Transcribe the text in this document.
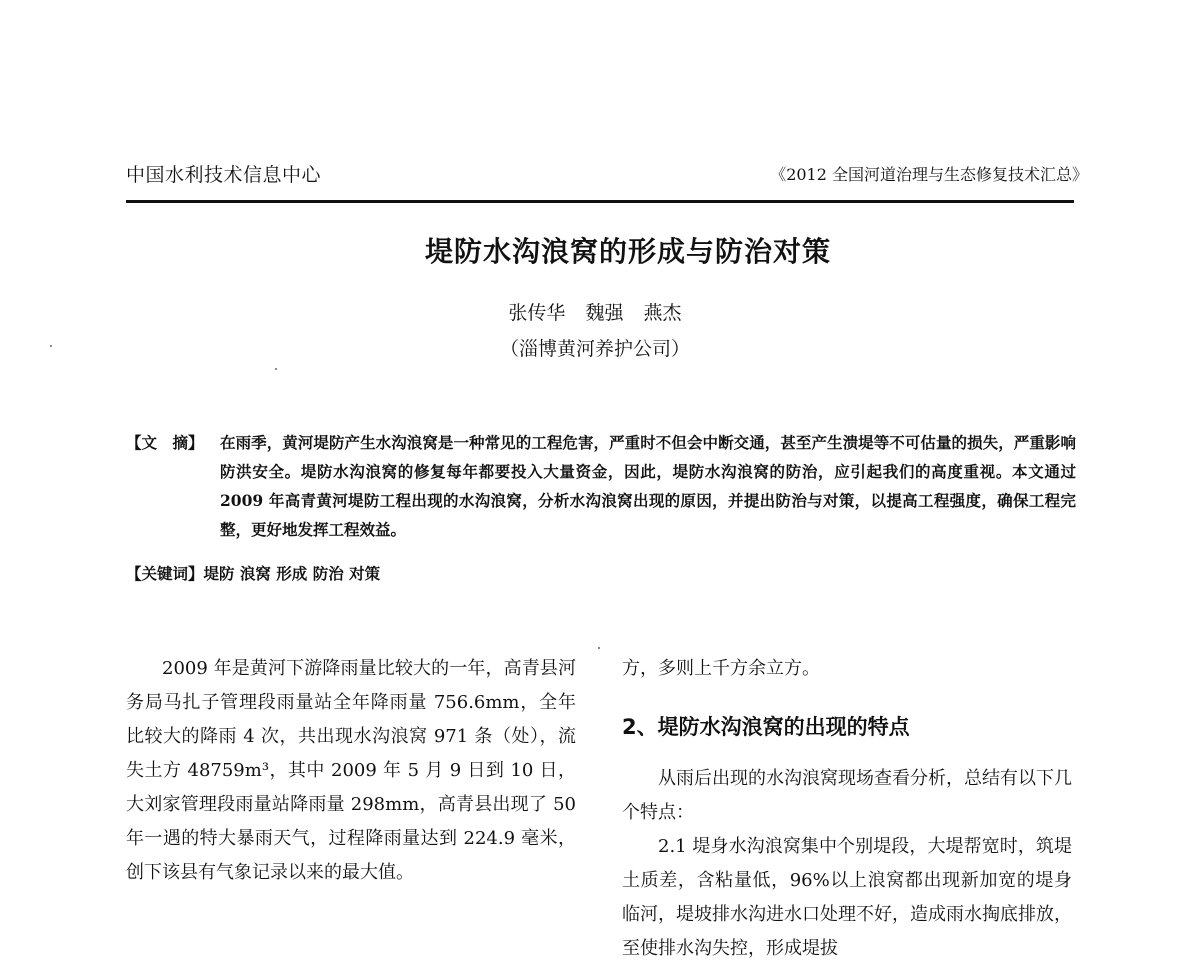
中国水利技术信息中心	《2012 全国河道治理与生态修复技术汇总》
堤防水沟浪窝的形成与防治对策
张传华 魏强 燕杰
（淄博黄河养护公司）
【文　摘】 在雨季，黄河堤防产生水沟浪窝是一种常见的工程危害，严重时不但会中断交通，甚至产生溃堤等不可估量的损失，严重影响防洪安全。堤防水沟浪窝的修复每年都要投入大量资金，因此，堤防水沟浪窝的防治，应引起我们的高度重视。本文通过 2009 年高青黄河堤防工程出现的水沟浪窝，分析水沟浪窝出现的原因，并提出防治与对策，以提高工程强度，确保工程完整，更好地发挥工程效益。
【关键词】堤防 浪窝 形成 防治 对策

2009 年是黄河下游降雨量比较大的一年，高青县河务局马扎子管理段雨量站全年降雨量 756.6mm，全年比较大的降雨 4 次，共出现水沟浪窝 971 条（处），流失土方 48759m³，其中 2009 年 5 月 9 日到 10 日，大刘家管理段雨量站降雨量 298mm，高青县出现了 50 年一遇的特大暴雨天气，过程降雨量达到 224.9 毫米，创下该县有气象记录以来的最大值。

方，多则上千方余立方。

2、堤防水沟浪窝的出现的特点

从雨后出现的水沟浪窝现场查看分析，总结有以下几个特点：

2.1 堤身水沟浪窝集中个别堤段，大堤帮宽时，筑堤土质差，含粘量低，96%以上浪窝都出现新加宽的堤身临河，堤坡排水沟进水口处理不好，造成雨水掏底排放，至使排水沟失控，形成堤拔
